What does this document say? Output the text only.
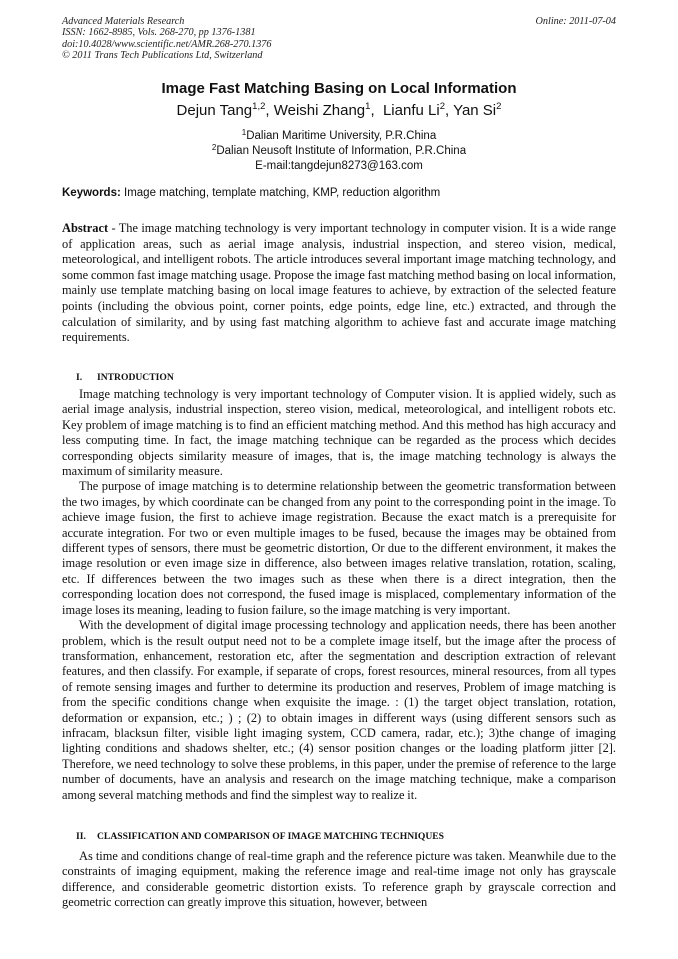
Advanced Materials Research
ISSN: 1662-8985, Vols. 268-270, pp 1376-1381
doi:10.4028/www.scientific.net/AMR.268-270.1376
© 2011 Trans Tech Publications Ltd, Switzerland
Online: 2011-07-04
Image Fast Matching Basing on Local Information
Dejun Tang$^{1,2}$, Weishi Zhang$^1$,  Lianfu Li$^2$, Yan Si$^2$
$^1$Dalian Maritime University, P.R.China
$^2$Dalian Neusoft Institute of Information, P.R.China
E-mail:tangdejun8273@163.com
Keywords: Image matching, template matching, KMP, reduction algorithm
Abstract - The image matching technology is very important technology in computer vision. It is a wide range of application areas, such as aerial image analysis, industrial inspection, and stereo vision, medical, meteorological, and intelligent robots. The article introduces several important image matching technology, and some common fast image matching usage. Propose the image fast matching method basing on local information, mainly use template matching basing on local image features to achieve, by extraction of the selected feature points (including the obvious point, corner points, edge points, edge line, etc.) extracted, and through the calculation of similarity, and by using fast matching algorithm to achieve fast and accurate image matching requirements.
I. INTRODUCTION

Image matching technology is very important technology of Computer vision. It is applied widely, such as aerial image analysis, industrial inspection, stereo vision, medical, meteorological, and intelligent robots etc. Key problem of image matching is to find an efficient matching method. And this method has high accuracy and less computing time. In fact, the image matching technique can be regarded as the process which decides corresponding objects similarity measure of images, that is, the image matching technology is always the maximum of similarity measure.

The purpose of image matching is to determine relationship between the geometric transformation between the two images, by which coordinate can be changed from any point to the corresponding point in the image. To achieve image fusion, the first to achieve image registration. Because the exact match is a prerequisite for accurate integration. For two or even multiple images to be fused, because the images may be obtained from different types of sensors, there must be geometric distortion, Or due to the different environment, it makes the image resolution or even image size in difference, also between images relative translation, rotation, scaling, etc. If differences between the two images such as these when there is a direct integration, then the corresponding location does not correspond, the fused image is misplaced, complementary information of the image loses its meaning, leading to fusion failure, so the image matching is very important.

With the development of digital image processing technology and application needs, there has been another problem, which is the result output need not to be a complete image itself, but the image after the process of transformation, enhancement, restoration etc, after the segmentation and description extraction of relevant features, and then classify. For example, if separate of crops, forest resources, mineral resources, from all types of remote sensing images and further to determine its production and reserves, Problem of image matching is from the specific conditions change when exquisite the image. : (1) the target object translation, rotation, deformation or expansion, etc.; ) ; (2) to obtain images in different ways (using different sensors such as infracam, blacksun filter, visible light imaging system, CCD camera, radar, etc.); 3)the change of imaging lighting conditions and shadows shelter, etc.; (4) sensor position changes or the loading platform jitter [2]. Therefore, we need technology to solve these problems, in this paper, under the premise of reference to the large number of documents, have an analysis and research on the image matching technique, make a comparison among several matching methods and find the simplest way to realize it.

II. CLASSIFICATION AND COMPARISON OF IMAGE MATCHING TECHNIQUES

As time and conditions change of real-time graph and the reference picture was taken. Meanwhile due to the constraints of imaging equipment, making the reference image and real-time image not only has grayscale difference, and considerable geometric distortion exists. To reference graph by grayscale correction and geometric correction can greatly improve this situation, however, between
